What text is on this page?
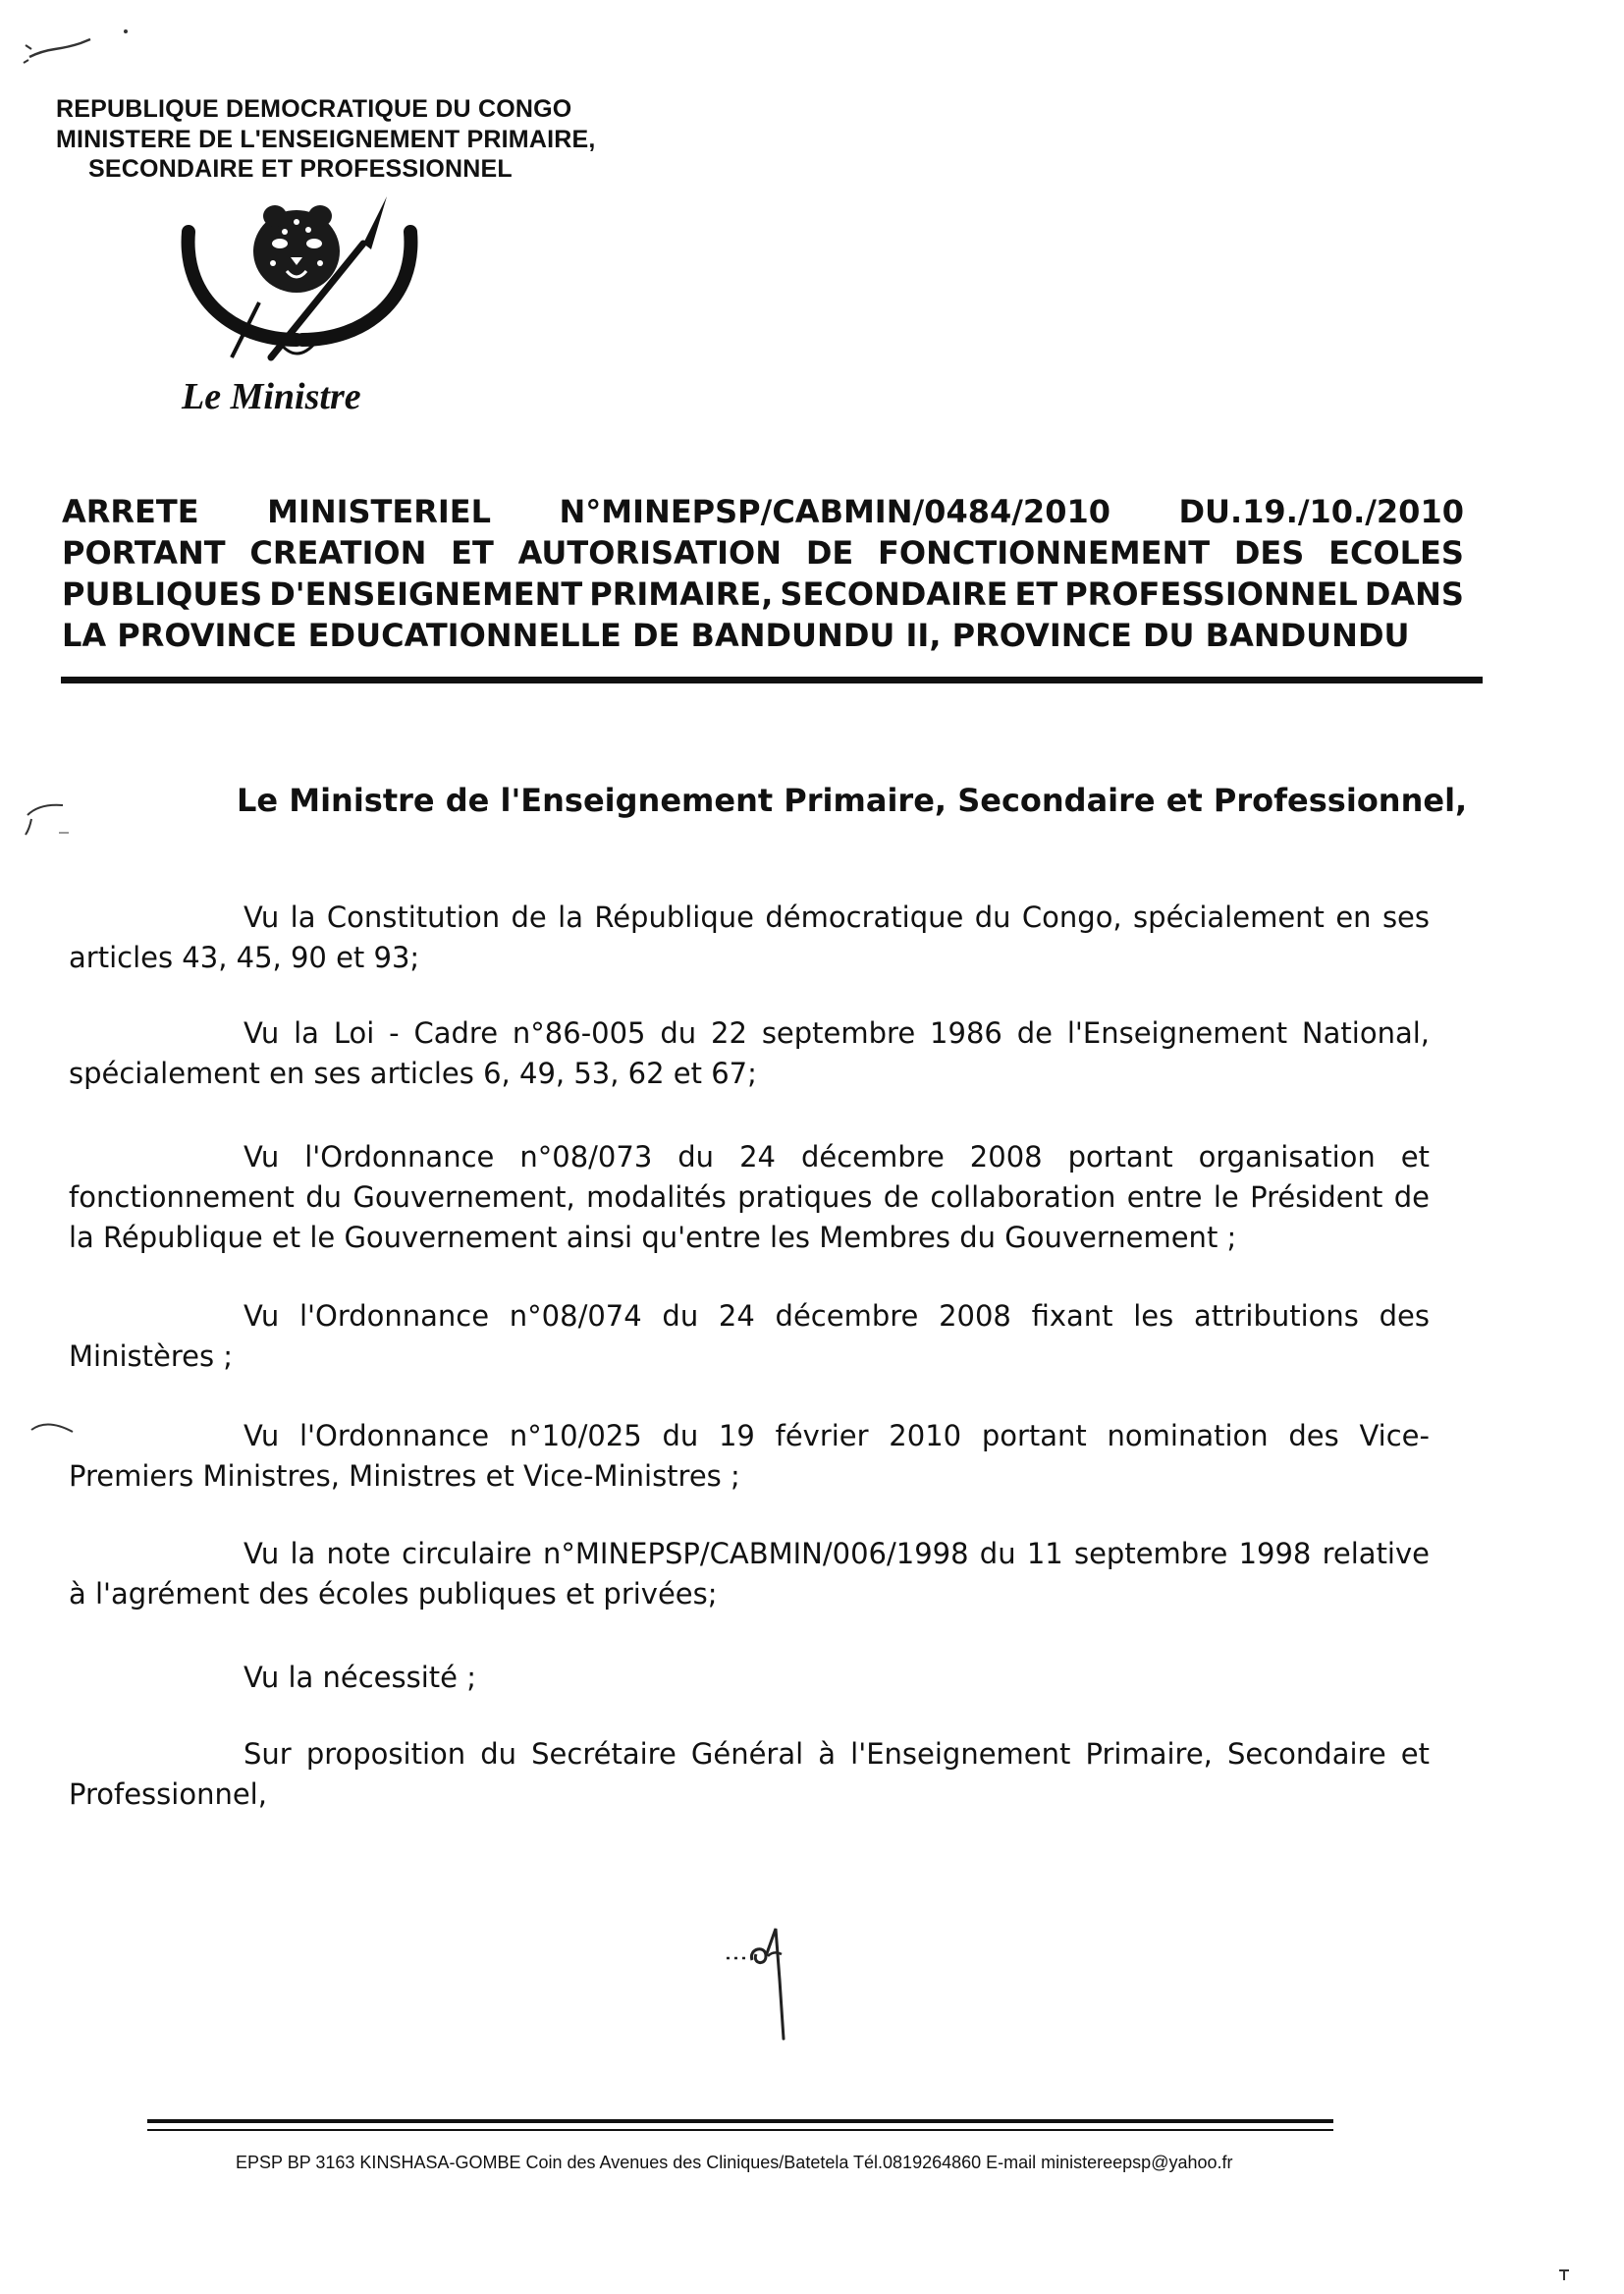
REPUBLIQUE DEMOCRATIQUE DU CONGO
MINISTERE DE L'ENSEIGNEMENT PRIMAIRE,
SECONDAIRE ET PROFESSIONNEL
Le Ministre
ARRETE MINISTERIEL N°MINEPSP/CABMIN/0484/2010 DU.19./10./2010
PORTANT CREATION ET AUTORISATION DE FONCTIONNEMENT DES ECOLES
PUBLIQUES D'ENSEIGNEMENT PRIMAIRE, SECONDAIRE ET PROFESSIONNEL DANS
LA PROVINCE EDUCATIONNELLE DE BANDUNDU II, PROVINCE DU BANDUNDU
Le Ministre de l'Enseignement Primaire, Secondaire et Professionnel,
Vu la Constitution de la République démocratique du Congo, spécialement en ses articles 43, 45, 90 et 93;
Vu la Loi - Cadre n°86-005 du 22 septembre 1986 de l'Enseignement National, spécialement en ses articles 6, 49, 53, 62 et 67;
Vu l'Ordonnance n°08/073 du 24 décembre 2008 portant organisation et fonctionnement du Gouvernement, modalités pratiques de collaboration entre le Président de la République et le Gouvernement ainsi qu'entre les Membres du Gouvernement ;
Vu l'Ordonnance n°08/074 du 24 décembre 2008 fixant les attributions des Ministères ;
Vu l'Ordonnance n°10/025 du 19 février 2010 portant nomination des Vice-Premiers Ministres, Ministres et Vice-Ministres ;
Vu la note circulaire n°MINEPSP/CABMIN/006/1998 du 11 septembre 1998 relative à l'agrément des écoles publiques et privées;
Vu la nécessité ;
Sur proposition du Secrétaire Général à l'Enseignement Primaire, Secondaire et Professionnel,
EPSP BP 3163 KINSHASA-GOMBE Coin des Avenues des Cliniques/Batetela Tél.0819264860 E-mail ministereepsp@yahoo.fr
